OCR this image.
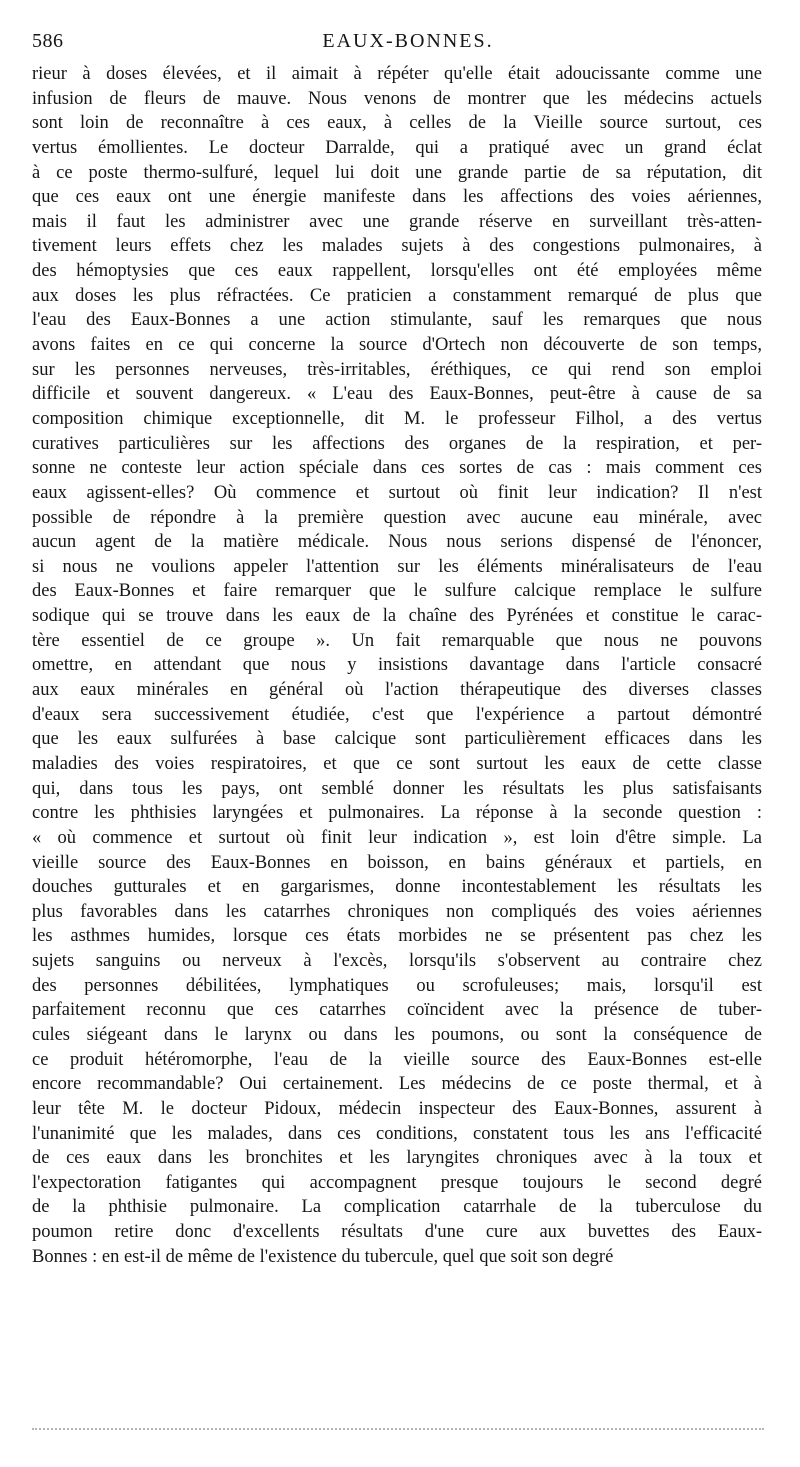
586	EAUX-BONNES.
rieur à doses élevées, et il aimait à répéter qu'elle était adoucissante comme une
infusion de fleurs de mauve. Nous venons de montrer que les médecins actuels
sont loin de reconnaître à ces eaux, à celles de la Vieille source surtout, ces
vertus émollientes. Le docteur Darralde, qui a pratiqué avec un grand éclat
à ce poste thermo-sulfuré, lequel lui doit une grande partie de sa réputation, dit
que ces eaux ont une énergie manifeste dans les affections des voies aériennes,
mais il faut les administrer avec une grande réserve en surveillant très-atten-
tivement leurs effets chez les malades sujets à des congestions pulmonaires, à
des hémoptysies que ces eaux rappellent, lorsqu'elles ont été employées même
aux doses les plus réfractées. Ce praticien a constamment remarqué de plus que
l'eau des Eaux-Bonnes a une action stimulante, sauf les remarques que nous
avons faites en ce qui concerne la source d'Ortech non découverte de son temps,
sur les personnes nerveuses, très-irritables, éréthiques, ce qui rend son emploi
difficile et souvent dangereux. « L'eau des Eaux-Bonnes, peut-être à cause de sa
composition chimique exceptionnelle, dit M. le professeur Filhol, a des vertus
curatives particulières sur les affections des organes de la respiration, et per-
sonne ne conteste leur action spéciale dans ces sortes de cas : mais comment ces
eaux agissent-elles? Où commence et surtout où finit leur indication? Il n'est
possible de répondre à la première question avec aucune eau minérale, avec
aucun agent de la matière médicale. Nous nous serions dispensé de l'énoncer,
si nous ne voulions appeler l'attention sur les éléments minéralisateurs de l'eau
des Eaux-Bonnes et faire remarquer que le sulfure calcique remplace le sulfure
sodique qui se trouve dans les eaux de la chaîne des Pyrénées et constitue le carac-
tère essentiel de ce groupe ». Un fait remarquable que nous ne pouvons
omettre, en attendant que nous y insistions davantage dans l'article consacré
aux eaux minérales en général où l'action thérapeutique des diverses classes
d'eaux sera successivement étudiée, c'est que l'expérience a partout démontré
que les eaux sulfurées à base calcique sont particulièrement efficaces dans les
maladies des voies respiratoires, et que ce sont surtout les eaux de cette classe
qui, dans tous les pays, ont semblé donner les résultats les plus satisfaisants
contre les phthisies laryngées et pulmonaires. La réponse à la seconde question :
« où commence et surtout où finit leur indication », est loin d'être simple. La
vieille source des Eaux-Bonnes en boisson, en bains généraux et partiels, en
douches gutturales et en gargarismes, donne incontestablement les résultats les
plus favorables dans les catarrhes chroniques non compliqués des voies aériennes
les asthmes humides, lorsque ces états morbides ne se présentent pas chez les
sujets sanguins ou nerveux à l'excès, lorsqu'ils s'observent au contraire chez
des personnes débilitées, lymphatiques ou scrofuleuses; mais, lorsqu'il est
parfaitement reconnu que ces catarrhes coïncident avec la présence de tuber-
cules siégeant dans le larynx ou dans les poumons, ou sont la conséquence de
ce produit hétéromorphe, l'eau de la vieille source des Eaux-Bonnes est-elle
encore recommandable? Oui certainement. Les médecins de ce poste thermal, et à
leur tête M. le docteur Pidoux, médecin inspecteur des Eaux-Bonnes, assurent à
l'unanimité que les malades, dans ces conditions, constatent tous les ans l'efficacité
de ces eaux dans les bronchites et les laryngites chroniques avec à la toux et
l'expectoration fatigantes qui accompagnent presque toujours le second degré
de la phthisie pulmonaire. La complication catarrhale de la tuberculose du
poumon retire donc d'excellents résultats d'une cure aux buvettes des Eaux-
Bonnes : en est-il de même de l'existence du tubercule, quel que soit son degré
